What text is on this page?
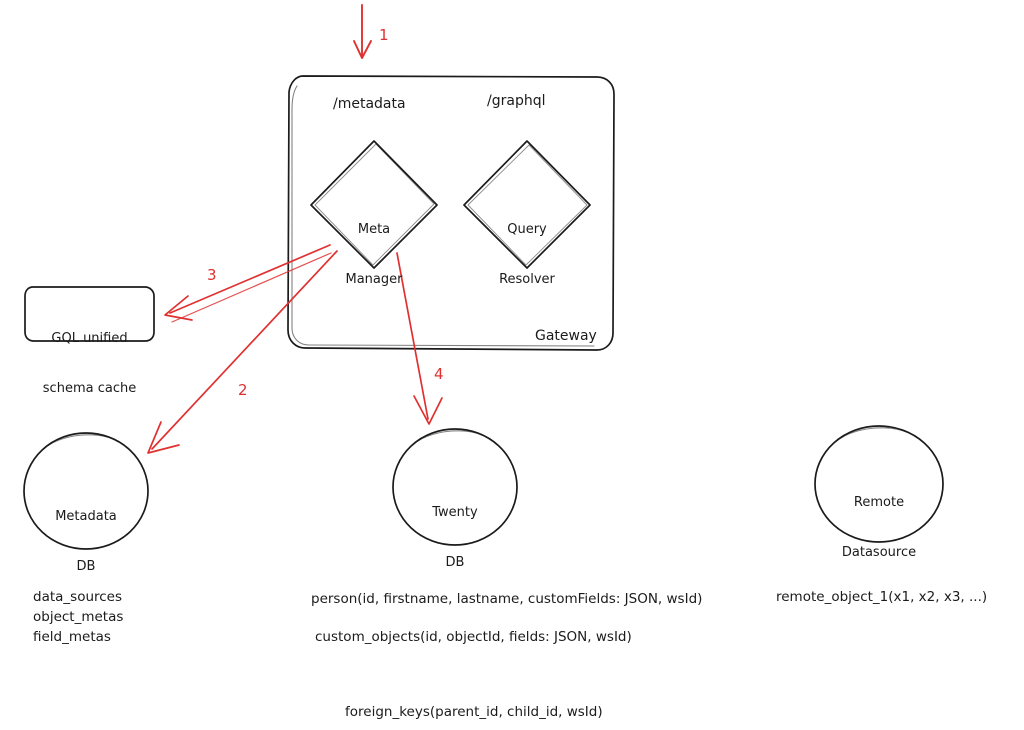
/metadata	/graphql
Gateway

Meta

Manager

Query

Resolver

GQL unified

schema cache

Metadata

DB

Twenty

DB

Remote

Datasource

1
2
3
4
data_sources
object_metas
field_metas
person(id, firstname, lastname, customFields: JSON, wsId)
custom_objects(id, objectId, fields: JSON, wsId)
foreign_keys(parent_id, child_id, wsId)
remote_object_1(x1, x2, x3, ...)
